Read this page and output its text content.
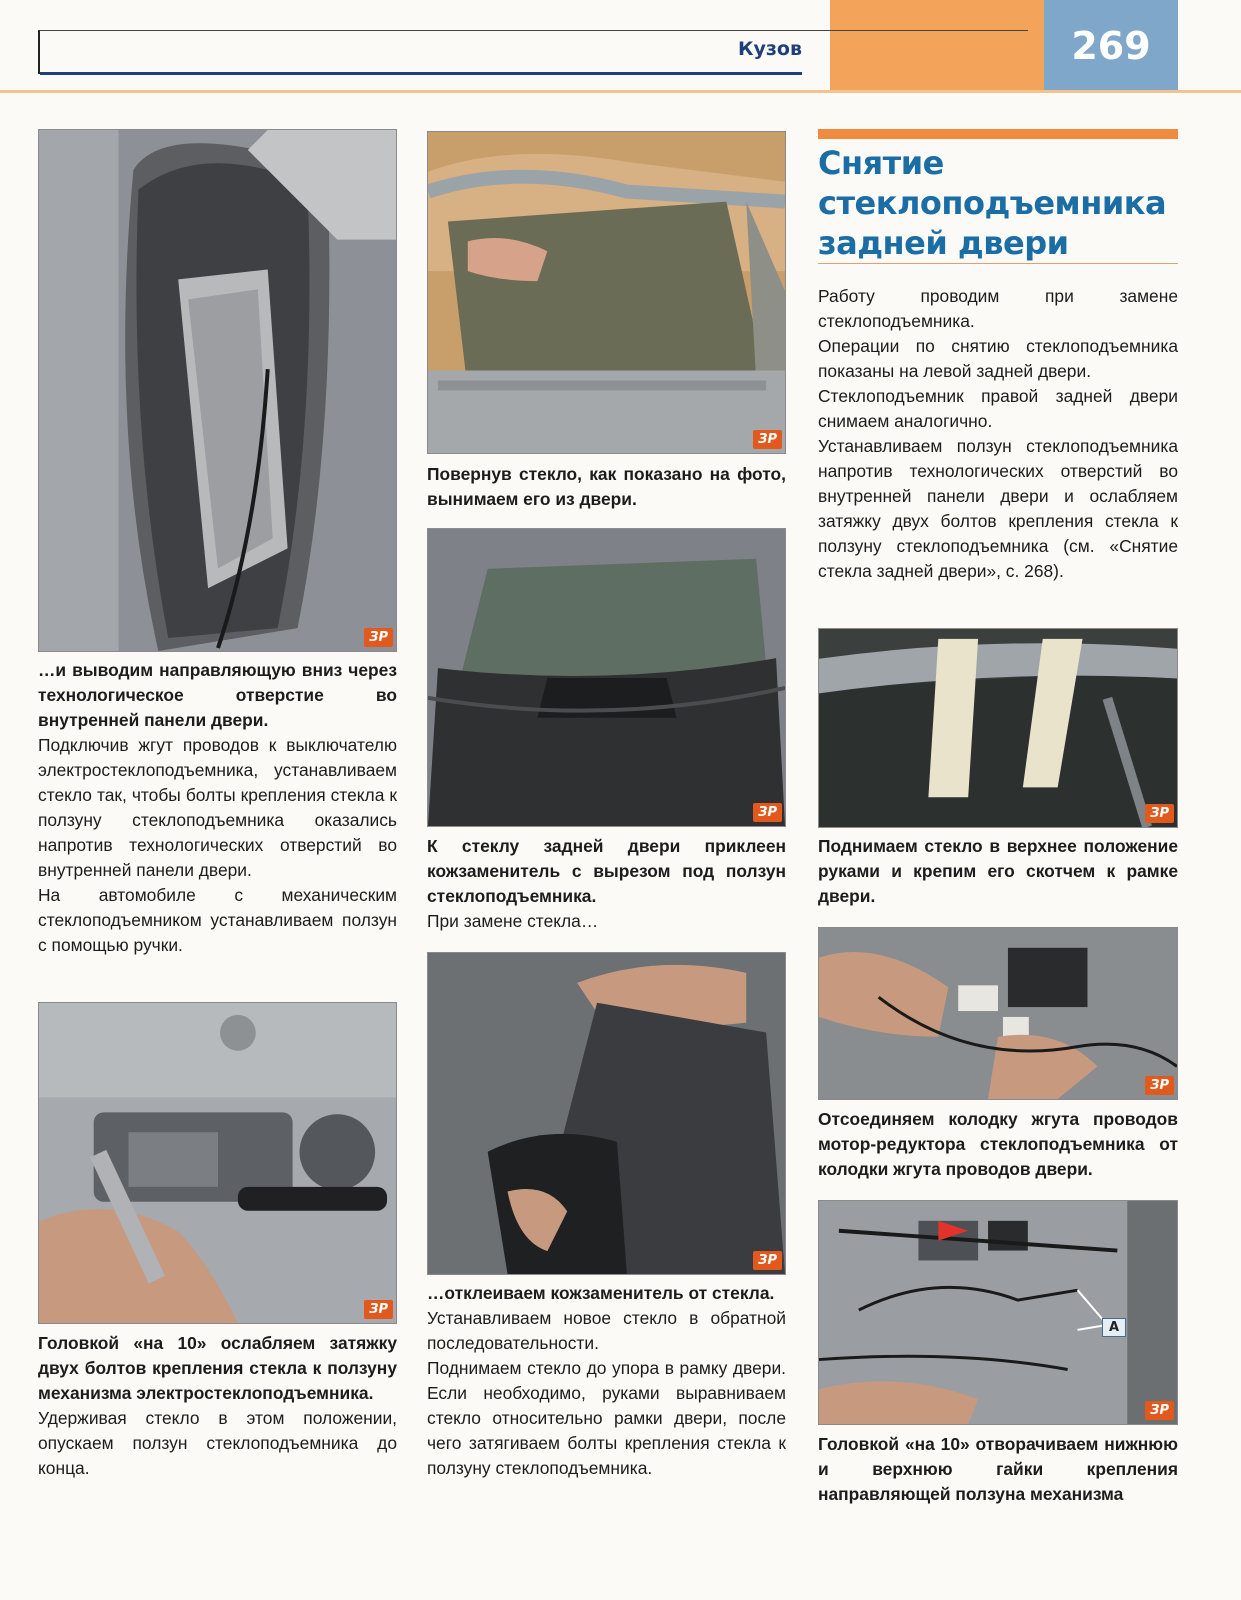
269
Кузов
ЗР

…и выводим направляющую вниз через технологическое отверстие во внутренней панели двери.

Подключив жгут проводов к выключателю электростеклоподъемника, устанавливаем стекло так, чтобы болты крепления стекла к ползуну стеклоподъемника оказались напротив технологических отверстий во внутренней панели двери.

На автомобиле с механическим стеклоподъемником устанавливаем ползун с помощью ручки.

ЗР

Головкой «на 10» ослабляем затяжку двух болтов крепления стекла к ползуну механизма электростеклоподъемника.

Удерживая стекло в этом положении, опускаем ползун стеклоподъемника до конца.

ЗР

Повернув стекло, как показано на фото, вынимаем его из двери.

ЗР

К стеклу задней двери приклеен кожзаменитель с вырезом под ползун стеклоподъемника.

При замене стекла…

ЗР

…отклеиваем кожзаменитель от стекла.

Устанавливаем новое стекло в обратной последовательности.

Поднимаем стекло до упора в рамку двери. Если необходимо, руками выравниваем стекло относительно рамки двери, после чего затягиваем болты крепления стекла к ползуну стеклоподъемника.

Снятие стеклоподъемника задней двери

Работу проводим при замене стеклоподъемника.

Операции по снятию стеклоподъемника показаны на левой задней двери.

Стеклоподъемник правой задней двери снимаем аналогично.

Устанавливаем ползун стеклоподъемника напротив технологических отверстий во внутренней панели двери и ослабляем затяжку двух болтов крепления стекла к ползуну стеклоподъемника (см. «Снятие стекла задней двери», с. 268).

ЗР

Поднимаем стекло в верхнее положение руками и крепим его скотчем к рамке двери.

ЗР

Отсоединяем колодку жгута проводов мотор-редуктора стеклоподъемника от колодки жгута проводов двери.

A
ЗР

Головкой «на 10» отворачиваем нижнюю и верхнюю гайки крепления направляющей ползуна механизма
